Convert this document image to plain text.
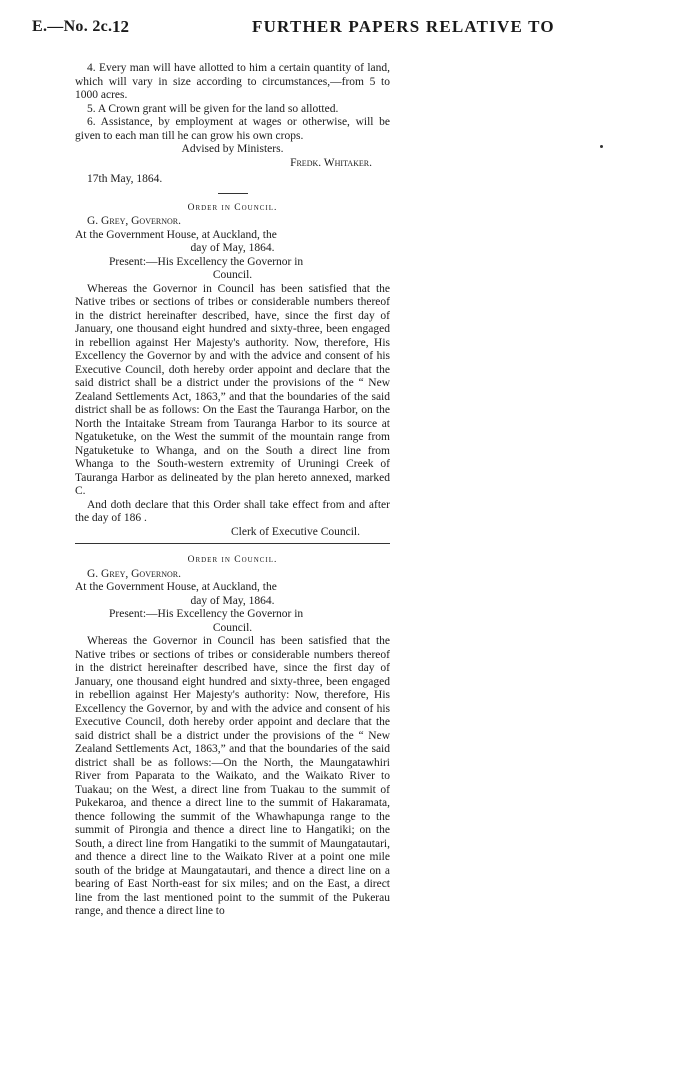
E.—No. 2c. 12	FURTHER PAPERS RELATIVE TO

4. Every man will have allotted to him a certain quantity of land, which will vary in size according to circumstances,—from 5 to 1000 acres.

5. A Crown grant will be given for the land so allotted.

6. Assistance, by employment at wages or otherwise, will be given to each man till he can grow his own crops.

Advised by Ministers.

Fredk. Whitaker.

17th May, 1864.

Order in Council.

G. Grey, Governor.

At the Government House, at Auckland, the

day of May, 1864.

Present:—His Excellency the Governor in

Council.

Whereas the Governor in Council has been satisfied that the Native tribes or sections of tribes or considerable numbers thereof in the district hereinafter described, have, since the first day of January, one thousand eight hundred and sixty-three, been engaged in rebellion against Her Majesty's authority. Now, therefore, His Excellency the Governor by and with the advice and consent of his Executive Council, doth hereby order appoint and declare that the said district shall be a district under the provisions of the “ New Zealand Settlements Act, 1863,” and that the boundaries of the said district shall be as follows: On the East the Tauranga Harbor, on the North the Intaitake Stream from Tauranga Harbor to its source at Ngatuketuke, on the West the summit of the mountain range from Ngatuketuke to Whanga, and on the South a direct line from Whanga to the South-western extremity of Uruningi Creek of Tauranga Harbor as delineated by the plan hereto annexed, marked C.

And doth declare that this Order shall take effect from and after the day of 186 .

Clerk of Executive Council.

Order in Council.

G. Grey, Governor.

At the Government House, at Auckland, the

day of May, 1864.

Present:—His Excellency the Governor in

Council.

Whereas the Governor in Council has been satisfied that the Native tribes or sections of tribes or considerable numbers thereof in the district hereinafter described have, since the first day of January, one thousand eight hundred and sixty-three, been engaged in rebellion against Her Majesty's authority: Now, therefore, His Excellency the Governor, by and with the advice and consent of his Executive Council, doth hereby order appoint and declare that the said district shall be a district under the provisions of the “ New Zealand Settlements Act, 1863,” and that the boundaries of the said district shall be as follows:—On the North, the Maungatawhiri River from Paparata to the Waikato, and the Waikato River to Tuakau; on the West, a direct line from Tuakau to the summit of Pukekaroa, and thence a direct line to the summit of Hakaramata, thence following the summit of the Whawhapunga range to the summit of Pirongia and thence a direct line to Hangatiki; on the South, a direct line from Hangatiki to the summit of Maungatautari, and thence a direct line to the Waikato River at a point one mile south of the bridge at Maungatautari, and thence a direct line on a bearing of East North-east for six miles; and on the East, a direct line from the last mentioned point to the summit of the Pukerau range, and thence a direct line to
